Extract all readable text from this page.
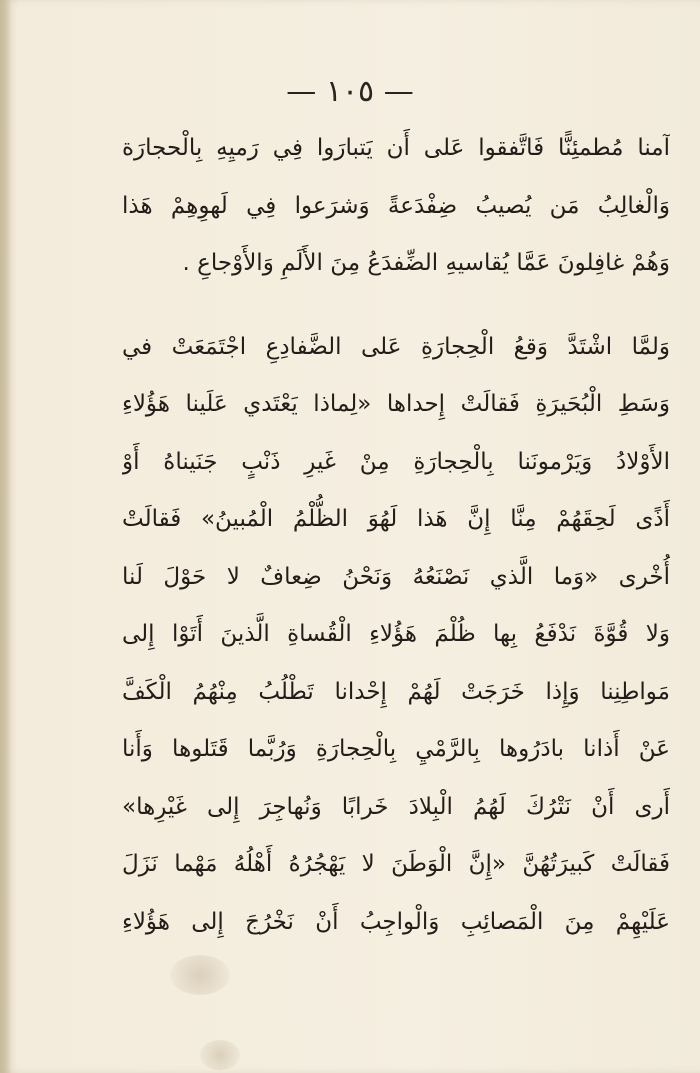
— ١٠٥ —
آمنا مُطمئِنًّا فَاتَّفقوا عَلى أَن يَتبارَوا فِي رَميِهِ بِالْحجارَة
وَالْغالِبُ مَن يُصيبُ ضِفْدَعةً وَشرَعوا فِي لَهوِهِمْ هَذا
وَهُمْ غافِلونَ عَمَّا يُقاسيهِ الضِّفدَعُ مِنَ الأَلَمِ وَالأَوْجاعِ .
وَلمَّا اشْتَدَّ وَقعُ الْحِجارَةِ عَلى الضَّفادِعِ اجْتَمَعَتْ في
وَسَطِ الْبُحَيرَةِ فَقالَتْ إِحداها «لِماذا يَعْتَدي عَلَينا هَؤُلاءِ
الأَوْلادُ وَيَرْمونَنا بِالْحِجارَةِ مِنْ غَيرِ ذَنْبٍ جَنَيناهُ أَوْ
أَذًى لَحِقَهُمْ مِنَّا إِنَّ هَذا لَهُوَ الظُّلْمُ الْمُبينُ» فَقالَتْ
أُخْرى «وَما الَّذي نَصْنَعُهُ وَنَحْنُ ضِعافٌ لا حَوْلَ لَنا
وَلا قُوَّةَ نَدْفَعُ بِها ظُلْمَ هَؤُلاءِ الْقُساةِ الَّذينَ أَتَوْا إِلى
مَواطِنِنا وَإِذا خَرَجَتْ لَهُمْ إِحْدانا تَطْلُبُ مِنْهُمُ الْكَفَّ
عَنْ أَذانا بادَرُوها بِالرَّمْيِ بِالْحِجارَةِ وَرُبَّما قَتَلوها وَأَنا
أَرى أَنْ نَتْرُكَ لَهُمُ الْبِلادَ خَرابًا وَنُهاجِرَ إِلى غَيْرِها»
فَقالَتْ كَبيرَتُهُنَّ «إِنَّ الْوَطَنَ لا يَهْجُرُهُ أَهْلُهُ مَهْما نَزَلَ
عَلَيْهِمْ مِنَ الْمَصائِبِ وَالْواجِبُ أَنْ نَخْرُجَ إِلى هَؤُلاءِ
